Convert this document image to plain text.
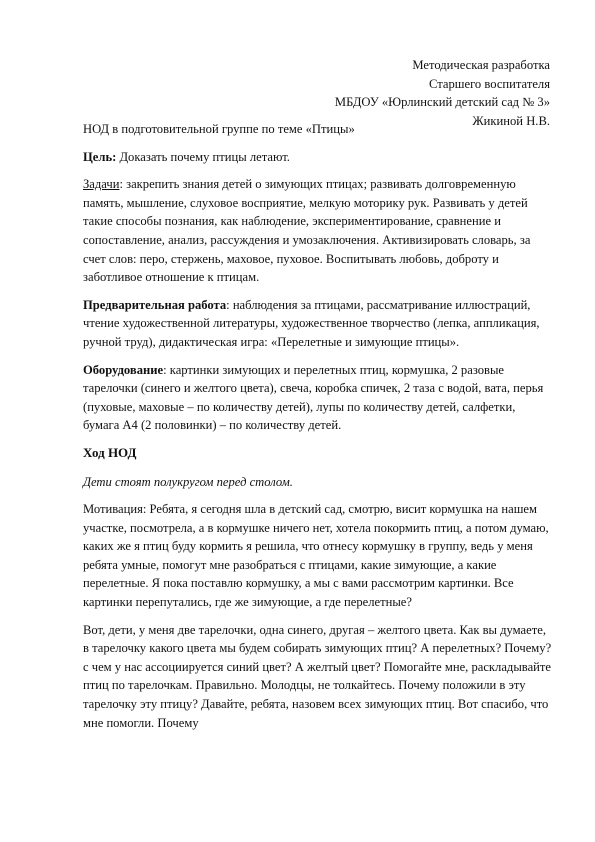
Методическая разработка
Старшего воспитателя
МБДОУ «Юрлинский детский сад № 3»
Жикиной Н.В.

НОД в подготовительной группе по теме «Птицы»

Цель: Доказать почему птицы летают.

Задачи: закрепить знания детей о зимующих птицах; развивать долговременную память, мышление, слуховое восприятие, мелкую моторику рук. Развивать у детей такие способы познания, как наблюдение, экспериментирование, сравнение и сопоставление, анализ, рассуждения и умозаключения. Активизировать словарь, за счет слов: перо, стержень, маховое, пуховое. Воспитывать любовь, доброту и заботливое отношение к птицам.

Предварительная работа: наблюдения за птицами, рассматривание иллюстраций, чтение художественной литературы, художественное творчество (лепка, аппликация, ручной труд), дидактическая игра: «Перелетные и зимующие птицы».

Оборудование: картинки зимующих и перелетных птиц, кормушка, 2 разовые тарелочки (синего и желтого цвета), свеча, коробка спичек, 2 таза с водой, вата, перья (пуховые, маховые – по количеству детей), лупы по количеству детей, салфетки, бумага А4 (2 половинки) – по количеству детей.

Ход НОД

Дети стоят полукругом перед столом.

Мотивация: Ребята, я сегодня шла в детский сад, смотрю, висит кормушка на нашем участке, посмотрела, а в кормушке ничего нет, хотела покормить птиц, а потом думаю, каких же я птиц буду кормить я решила, что отнесу кормушку в группу, ведь у меня ребята умные, помогут мне разобраться с птицами, какие зимующие, а какие перелетные. Я пока поставлю кормушку, а мы с вами рассмотрим картинки. Все картинки перепутались, где же зимующие, а где перелетные?

Вот, дети, у меня две тарелочки, одна синего, другая – желтого цвета. Как вы думаете, в тарелочку какого цвета мы будем собирать зимующих птиц? А перелетных? Почему? с чем у нас ассоциируется синий цвет? А желтый цвет? Помогайте мне, раскладывайте птиц по тарелочкам. Правильно. Молодцы, не толкайтесь. Почему положили в эту тарелочку эту птицу? Давайте, ребята, назовем всех зимующих птиц. Вот спасибо, что мне помогли. Почему
